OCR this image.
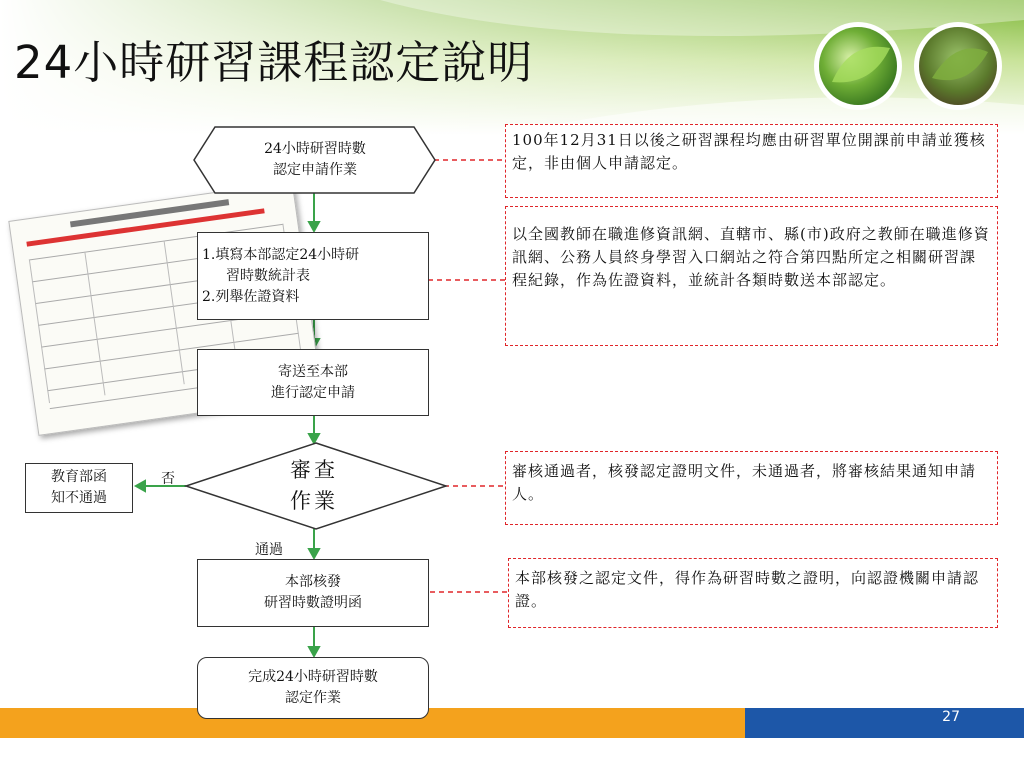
24小時研習課程認定說明
24小時研習時數
認定申請作業
1.填寫本部認定24小時研
習時數統計表
2.列舉佐證資料
寄送至本部
進行認定申請
審查
作業
教育部函
知不通過
否
通過
本部核發
研習時數證明函
完成24小時研習時數
認定作業
100年12月31日以後之研習課程均應由研習單位開課前申請並獲核定，非由個人申請認定。
以全國教師在職進修資訊網、直轄市、縣(市)政府之教師在職進修資訊網、公務人員終身學習入口網站之符合第四點所定之相關研習課程紀錄，作為佐證資料，並統計各類時數送本部認定。
審核通過者，核發認定證明文件，未通過者，將審核結果通知申請人。
本部核發之認定文件，得作為研習時數之證明，向認證機關申請認證。
27
